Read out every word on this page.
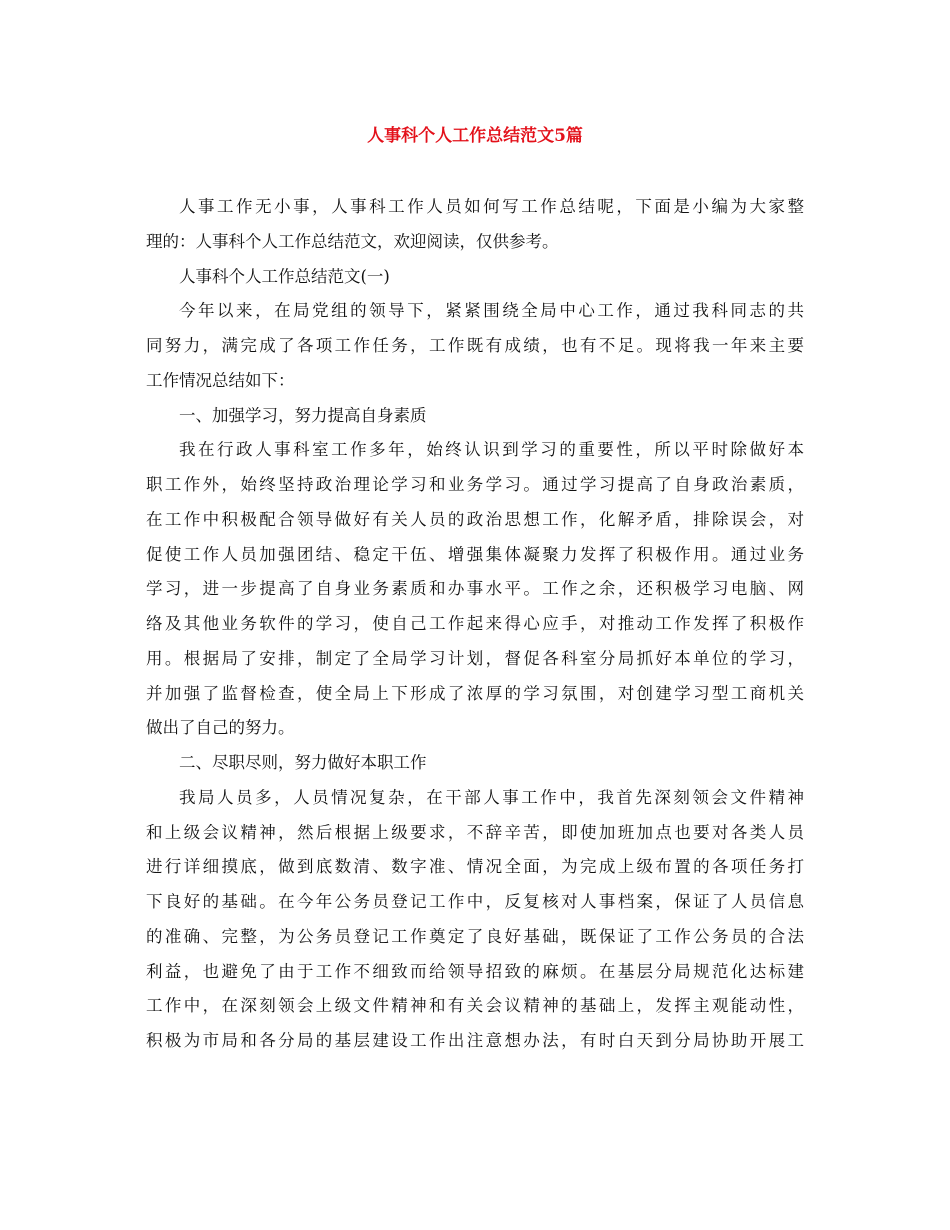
人事科个人工作总结范文5篇

人事工作无小事，人事科工作人员如何写工作总结呢，下面是小编为大家整

理的：人事科个人工作总结范文，欢迎阅读，仅供参考。

人事科个人工作总结范文(一)

今年以来，在局党组的领导下，紧紧围绕全局中心工作，通过我科同志的共

同努力，满完成了各项工作任务，工作既有成绩，也有不足。现将我一年来主要

工作情况总结如下：

一、加强学习，努力提高自身素质

我在行政人事科室工作多年，始终认识到学习的重要性，所以平时除做好本

职工作外，始终坚持政治理论学习和业务学习。通过学习提高了自身政治素质，

在工作中积极配合领导做好有关人员的政治思想工作，化解矛盾，排除误会，对

促使工作人员加强团结、稳定干伍、增强集体凝聚力发挥了积极作用。通过业务

学习，进一步提高了自身业务素质和办事水平。工作之余，还积极学习电脑、网

络及其他业务软件的学习，使自己工作起来得心应手，对推动工作发挥了积极作

用。根据局了安排，制定了全局学习计划，督促各科室分局抓好本单位的学习，

并加强了监督检查，使全局上下形成了浓厚的学习氛围，对创建学习型工商机关

做出了自己的努力。

二、尽职尽则，努力做好本职工作

我局人员多，人员情况复杂，在干部人事工作中，我首先深刻领会文件精神

和上级会议精神，然后根据上级要求，不辞辛苦，即使加班加点也要对各类人员

进行详细摸底，做到底数清、数字准、情况全面，为完成上级布置的各项任务打

下良好的基础。在今年公务员登记工作中，反复核对人事档案，保证了人员信息

的准确、完整，为公务员登记工作奠定了良好基础，既保证了工作公务员的合法

利益，也避免了由于工作不细致而给领导招致的麻烦。在基层分局规范化达标建

工作中，在深刻领会上级文件精神和有关会议精神的基础上，发挥主观能动性，

积极为市局和各分局的基层建设工作出注意想办法，有时白天到分局协助开展工
